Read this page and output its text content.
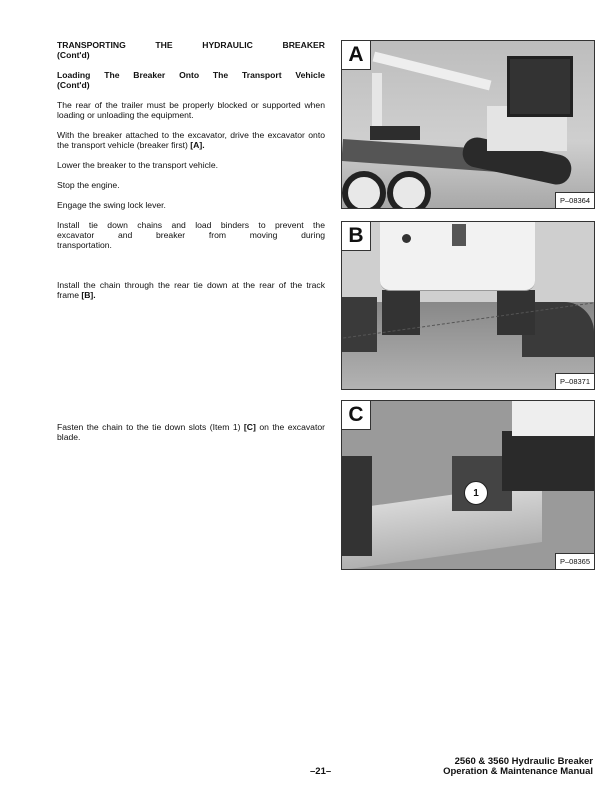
TRANSPORTING THE HYDRAULIC BREAKER
(Cont'd)

Loading The Breaker Onto The Transport Vehicle
(Cont'd)

The rear of the trailer must be properly blocked or supported when loading or unloading the equipment.

With the breaker attached to the excavator, drive the excavator onto the transport vehicle (breaker first) [A].

Lower the breaker to the transport vehicle.

Stop the engine.

Engage the swing lock lever.

Install tie down chains and load binders to prevent the
excavator and breaker from moving during
transportation.

Install the chain through the rear tie down at the rear of the track frame [B].

Fasten the chain to the tie down slots (Item 1) [C] on the excavator blade.

A
P–08364
B
P–08371
1
C
P–08365
–21–
2560 & 3560 Hydraulic Breaker
Operation & Maintenance Manual
